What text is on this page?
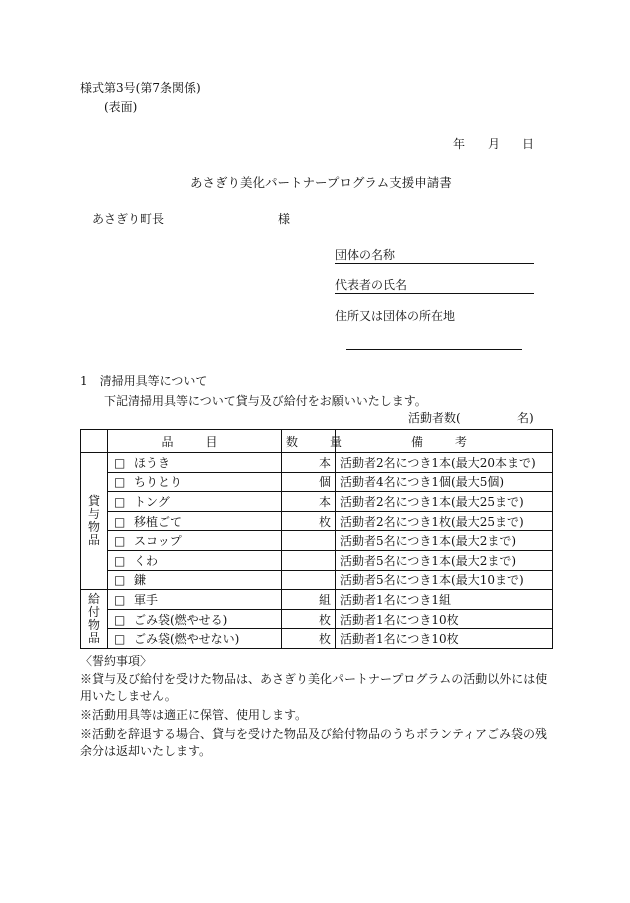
様式第3号(第7条関係)
(表面)
年 月 日
あさぎり美化パートナープログラム支援申請書
あさぎり町長	様
団体の名称
代表者の氏名
住所又は団体の所在地
1　清掃用具等について
下記清掃用具等について貸与及び給付をお願いいたします。
活動者数(	名)
	品　目	数　量	備　考

貸
与
物
品	□ ほうき	本	活動者2名につき1本(最大20本まで)
	□ ちりとり	個	活動者4名につき1個(最大5個)
	□ トング	本	活動者2名につき1本(最大25まで)
	□ 移植ごて	枚	活動者2名につき1枚(最大25まで)
	□ スコップ		活動者5名につき1本(最大2まで)
	□ くわ		活動者5名につき1本(最大2まで)
	□ 鎌		活動者5名につき1本(最大10まで)

給
付
物
品	□ 軍手	組	活動者1名につき1組
	□ ごみ袋(燃やせる)	枚	活動者1名につき10枚
	□ ごみ袋(燃やせない)	枚	活動者1名につき10枚
〈誓約事項〉
※貸与及び給付を受けた物品は、あさぎり美化パートナープログラムの活動以外には使用いたしません。
※活動用具等は適正に保管、使用します。
※活動を辞退する場合、貸与を受けた物品及び給付物品のうちボランティアごみ袋の残余分は返却いたします。
